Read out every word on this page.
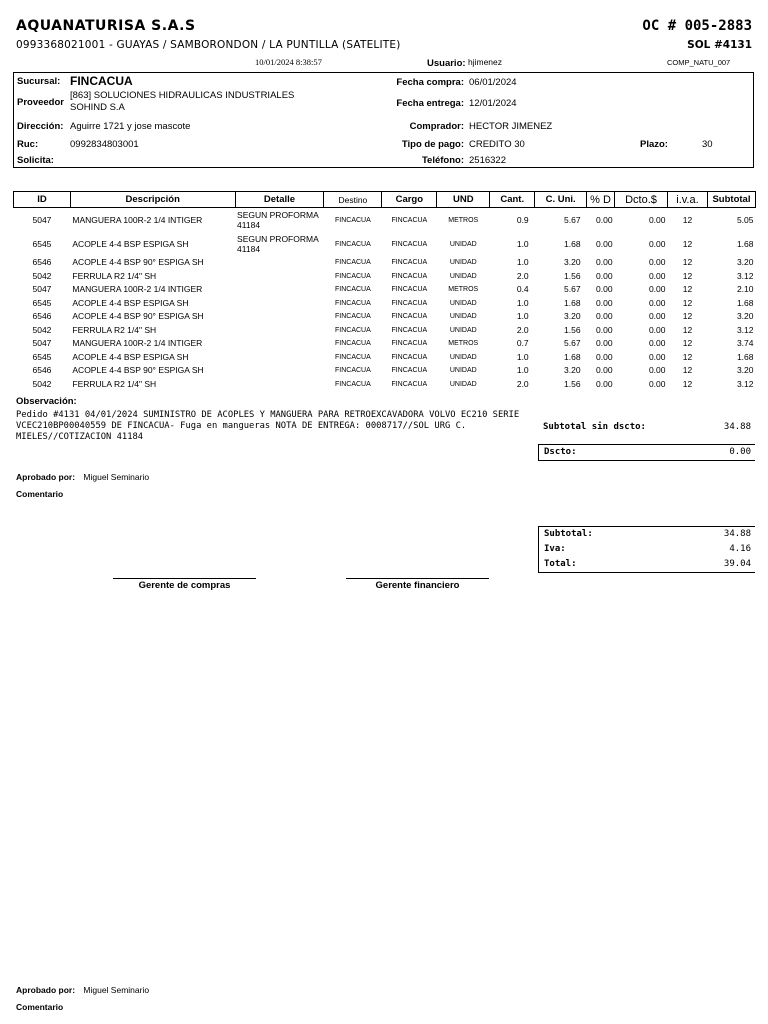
AQUANATURISA S.A.S
0993368021001 - GUAYAS / SAMBORONDON / LA PUNTILLA (SATELITE)
OC # 005-2883
SOL #4131
10/01/2024 8:38:57	Usuario: hjimenez	COMP_NATU_007
Sucursal: FINCACUA
Proveedor
[863] SOLUCIONES HIDRAULICAS INDUSTRIALES
SOHIND S.A
Dirección: Aguirre 1721 y jose mascote
Ruc:	0992834803001
Solicita:
Fecha compra: 06/01/2024
Fecha entrega: 12/01/2024
Comprador: HECTOR JIMENEZ
Tipo de pago: CREDITO 30
Teléfono: 2516322
Plazo:	30
ID	Descripción	Detalle	Destino	Cargo	UND	Cant.	C. Uni.	% D	Dcto.$	i.v.a.	Subtotal
5047	MANGUERA 100R-2 1/4 INTIGER	SEGUN PROFORMA 41184	FINCACUA	FINCACUA	METROS	0.9	5.67	0.00	0.00	12	5.05
6545	ACOPLE 4-4 BSP ESPIGA SH	SEGUN PROFORMA 41184	FINCACUA	FINCACUA	UNIDAD	1.0	1.68	0.00	0.00	12	1.68
6546	ACOPLE 4-4 BSP 90° ESPIGA SH		FINCACUA	FINCACUA	UNIDAD	1.0	3.20	0.00	0.00	12	3.20
5042	FERRULA R2 1/4" SH		FINCACUA	FINCACUA	UNIDAD	2.0	1.56	0.00	0.00	12	3.12
5047	MANGUERA 100R-2 1/4 INTIGER		FINCACUA	FINCACUA	METROS	0.4	5.67	0.00	0.00	12	2.10
6545	ACOPLE 4-4 BSP ESPIGA SH		FINCACUA	FINCACUA	UNIDAD	1.0	1.68	0.00	0.00	12	1.68
6546	ACOPLE 4-4 BSP 90° ESPIGA SH		FINCACUA	FINCACUA	UNIDAD	1.0	3.20	0.00	0.00	12	3.20
5042	FERRULA R2 1/4" SH		FINCACUA	FINCACUA	UNIDAD	2.0	1.56	0.00	0.00	12	3.12
5047	MANGUERA 100R-2 1/4 INTIGER		FINCACUA	FINCACUA	METROS	0.7	5.67	0.00	0.00	12	3.74
6545	ACOPLE 4-4 BSP ESPIGA SH		FINCACUA	FINCACUA	UNIDAD	1.0	1.68	0.00	0.00	12	1.68
6546	ACOPLE 4-4 BSP 90° ESPIGA SH		FINCACUA	FINCACUA	UNIDAD	1.0	3.20	0.00	0.00	12	3.20
5042	FERRULA R2 1/4" SH		FINCACUA	FINCACUA	UNIDAD	2.0	1.56	0.00	0.00	12	3.12
Observación:
Pedido #4131 04/01/2024 SUMINISTRO DE ACOPLES Y MANGUERA PARA RETROEXCAVADORA VOLVO EC210 SERIE VCEC210BP00040559 DE FINCACUA- Fuga en mangueras NOTA DE ENTREGA: 0008717//SOL URG C. MIELES//COTIZACION 41184
Subtotal sin dscto:	34.88
Dscto:	0.00
Aprobado por: Miguel Seminario
Comentario
Subtotal:	34.88
Iva:	4.16
Total:	39.04
Gerente de compras	Gerente financiero
Aprobado por: Miguel Seminario
Comentario
